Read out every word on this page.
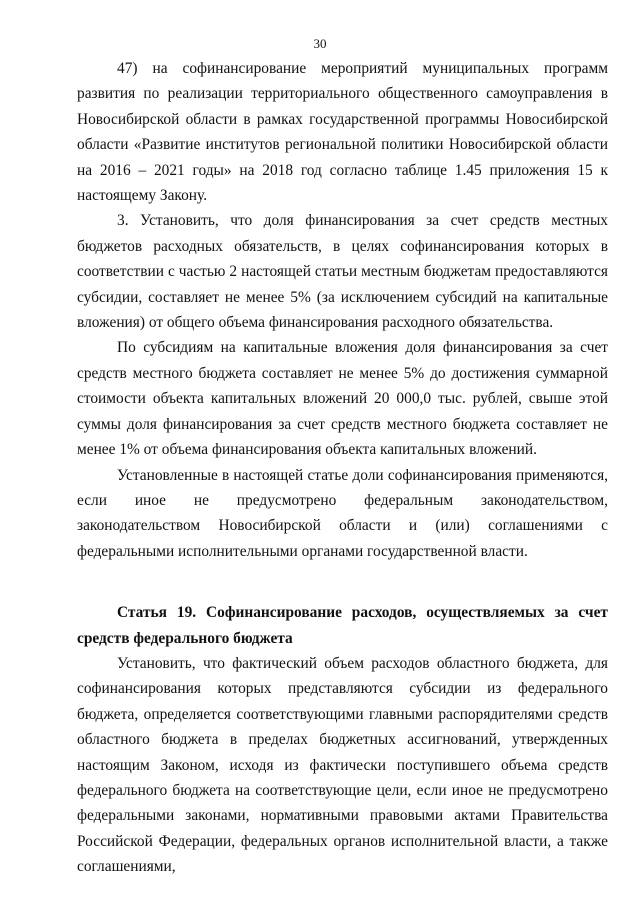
30

47) на софинансирование мероприятий муниципальных программ развития по реализации территориального общественного самоуправления в Новосибирской области в рамках государственной программы Новосибирской области «Развитие институтов региональной политики Новосибирской области на 2016 – 2021 годы» на 2018 год согласно таблице 1.45 приложения 15 к настоящему Закону.

3. Установить, что доля финансирования за счет средств местных бюджетов расходных обязательств, в целях софинансирования которых в соответствии с частью 2 настоящей статьи местным бюджетам предоставляются субсидии, составляет не менее 5% (за исключением субсидий на капитальные вложения) от общего объема финансирования расходного обязательства.

По субсидиям на капитальные вложения доля финансирования за счет средств местного бюджета составляет не менее 5% до достижения суммарной стоимости объекта капитальных вложений 20 000,0 тыс. рублей, свыше этой суммы доля финансирования за счет средств местного бюджета составляет не менее 1% от объема финансирования объекта капитальных вложений.

Установленные в настоящей статье доли софинансирования применяются, если иное не предусмотрено федеральным законодательством, законодательством Новосибирской области и (или) соглашениями с федеральными исполнительными органами государственной власти.

Статья 19. Софинансирование расходов, осуществляемых за счет средств федерального бюджета

Установить, что фактический объем расходов областного бюджета, для софинансирования которых представляются субсидии из федерального бюджета, определяется соответствующими главными распорядителями средств областного бюджета в пределах бюджетных ассигнований, утвержденных настоящим Законом, исходя из фактически поступившего объема средств федерального бюджета на соответствующие цели, если иное не предусмотрено федеральными законами, нормативными правовыми актами Правительства Российской Федерации, федеральных органов исполнительной власти, а также соглашениями,
